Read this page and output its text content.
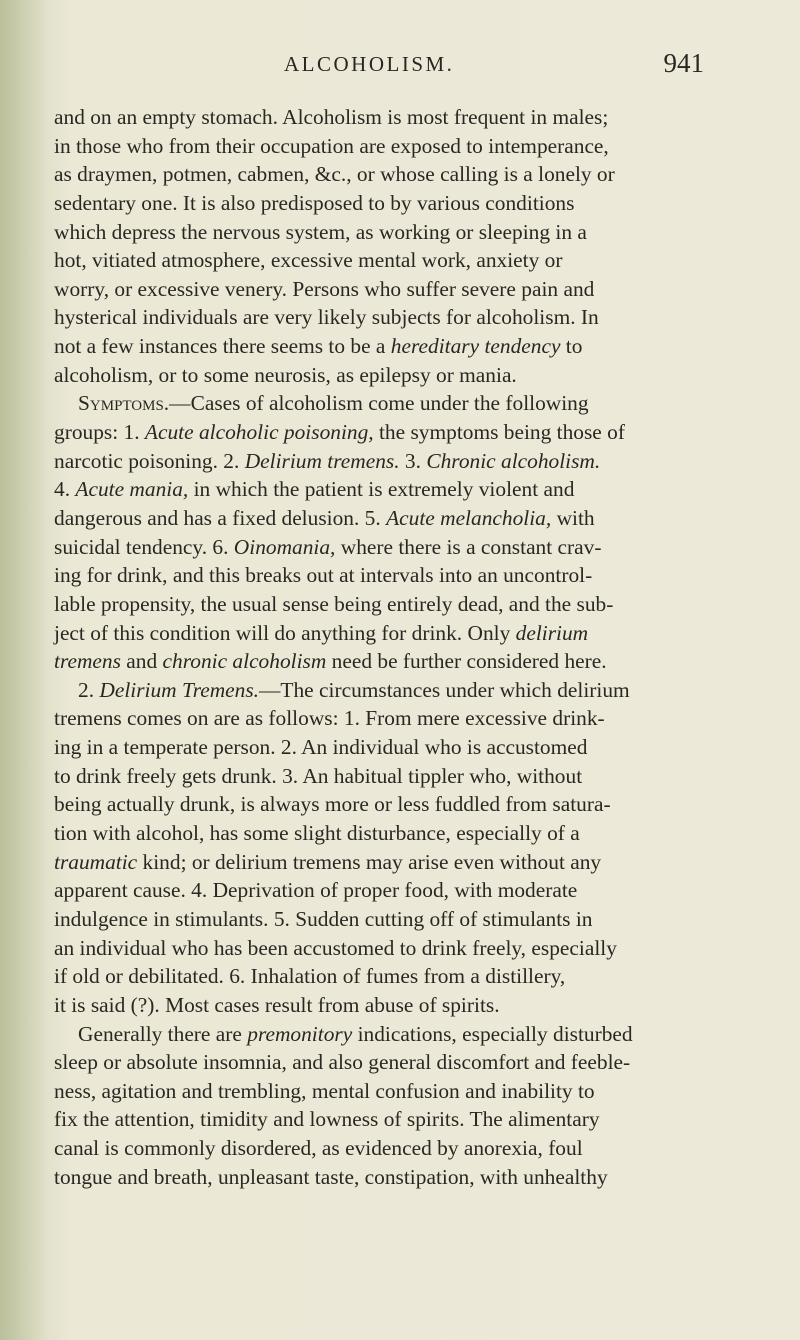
ALCOHOLISM.	941
and on an empty stomach. Alcoholism is most frequent in males;
in those who from their occupation are exposed to intemperance,
as draymen, potmen, cabmen, &c., or whose calling is a lonely or
sedentary one. It is also predisposed to by various conditions
which depress the nervous system, as working or sleeping in a
hot, vitiated atmosphere, excessive mental work, anxiety or
worry, or excessive venery. Persons who suffer severe pain and
hysterical individuals are very likely subjects for alcoholism. In
not a few instances there seems to be a hereditary tendency to
alcoholism, or to some neurosis, as epilepsy or mania.
Symptoms.—Cases of alcoholism come under the following
groups: 1. Acute alcoholic poisoning, the symptoms being those of
narcotic poisoning. 2. Delirium tremens. 3. Chronic alcoholism.
4. Acute mania, in which the patient is extremely violent and
dangerous and has a fixed delusion. 5. Acute melancholia, with
suicidal tendency. 6. Oinomania, where there is a constant crav-
ing for drink, and this breaks out at intervals into an uncontrol-
lable propensity, the usual sense being entirely dead, and the sub-
ject of this condition will do anything for drink. Only delirium
tremens and chronic alcoholism need be further considered here.
2. Delirium Tremens.—The circumstances under which delirium
tremens comes on are as follows: 1. From mere excessive drink-
ing in a temperate person. 2. An individual who is accustomed
to drink freely gets drunk. 3. An habitual tippler who, without
being actually drunk, is always more or less fuddled from satura-
tion with alcohol, has some slight disturbance, especially of a
traumatic kind; or delirium tremens may arise even without any
apparent cause. 4. Deprivation of proper food, with moderate
indulgence in stimulants. 5. Sudden cutting off of stimulants in
an individual who has been accustomed to drink freely, especially
if old or debilitated. 6. Inhalation of fumes from a distillery,
it is said (?). Most cases result from abuse of spirits.
Generally there are premonitory indications, especially disturbed
sleep or absolute insomnia, and also general discomfort and feeble-
ness, agitation and trembling, mental confusion and inability to
fix the attention, timidity and lowness of spirits. The alimentary
canal is commonly disordered, as evidenced by anorexia, foul
tongue and breath, unpleasant taste, constipation, with unhealthy
